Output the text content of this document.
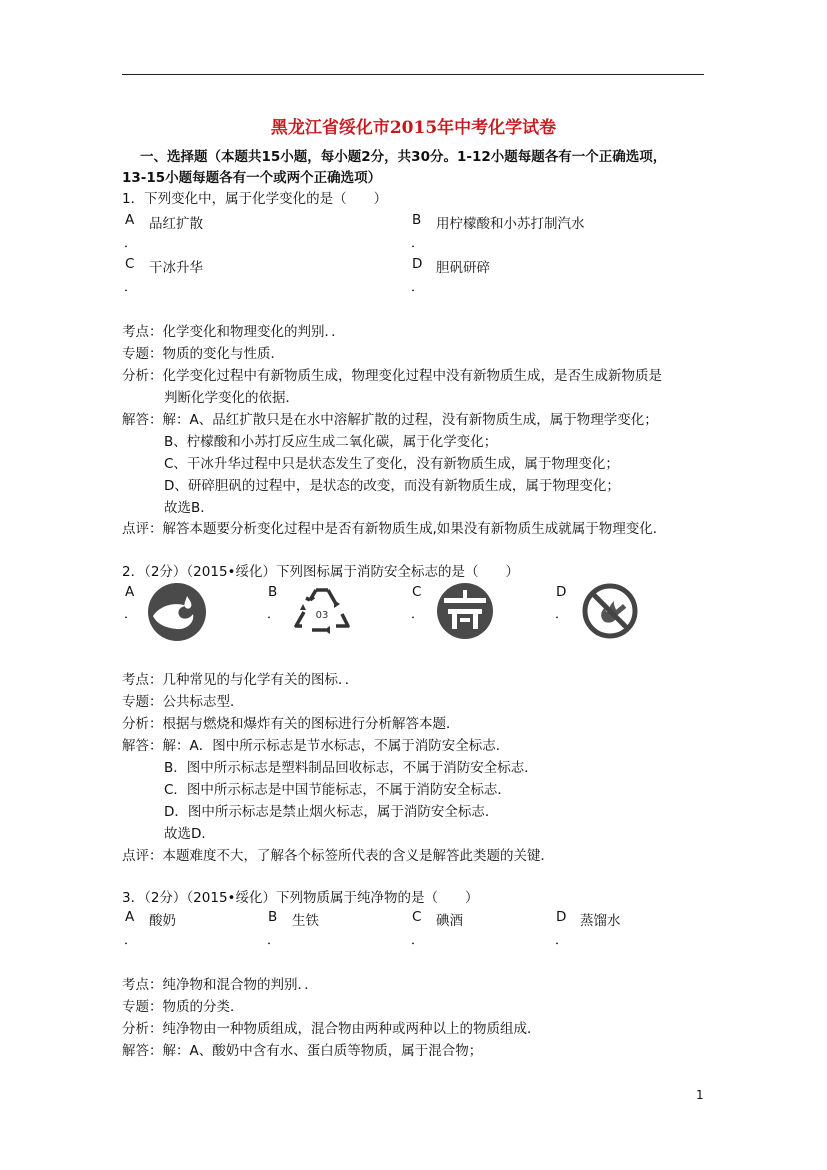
黑龙江省绥化市2015年中考化学试卷
一、选择题（本题共15小题，每小题2分，共30分。1-12小题每题各有一个正确选项，
13-15小题每题各有一个或两个正确选项）
1．下列变化中，属于化学变化的是（　　）
A 品红扩散
．
B 用柠檬酸和小苏打制汽水
．
C 干冰升华
．
D 胆矾研碎
．
考点：化学变化和物理变化的判别．．
专题：物质的变化与性质．
分析：化学变化过程中有新物质生成，物理变化过程中没有新物质生成，是否生成新物质是
判断化学变化的依据．
解答：解：A、品红扩散只是在水中溶解扩散的过程，没有新物质生成，属于物理学变化；
B、柠檬酸和小苏打反应生成二氧化碳，属于化学变化；
C、干冰升华过程中只是状态发生了变化，没有新物质生成，属于物理变化；
D、研碎胆矾的过程中，是状态的改变，而没有新物质生成，属于物理变化；
故选B．
点评：解答本题要分析变化过程中是否有新物质生成,如果没有新物质生成就属于物理变化．
2．（2分）（2015•绥化）下列图标属于消防安全标志的是（　　）
A
．
B
．	03
C
．
D
．
考点：几种常见的与化学有关的图标．．
专题：公共标志型．
分析：根据与燃烧和爆炸有关的图标进行分析解答本题．
解答：解：A．图中所示标志是节水标志，不属于消防安全标志．
B．图中所示标志是塑料制品回收标志，不属于消防安全标志．
C．图中所示标志是中国节能标志，不属于消防安全标志．
D．图中所示标志是禁止烟火标志，属于消防安全标志．
故选D．
点评：本题难度不大，了解各个标签所代表的含义是解答此类题的关键．
3．（2分）（2015•绥化）下列物质属于纯净物的是（　　）
A 酸奶
．
B 生铁
．
C 碘酒
．
D 蒸馏水
．
考点：纯净物和混合物的判别．．
专题：物质的分类．
分析：纯净物由一种物质组成，混合物由两种或两种以上的物质组成．
解答：解：A、酸奶中含有水、蛋白质等物质，属于混合物；
1
